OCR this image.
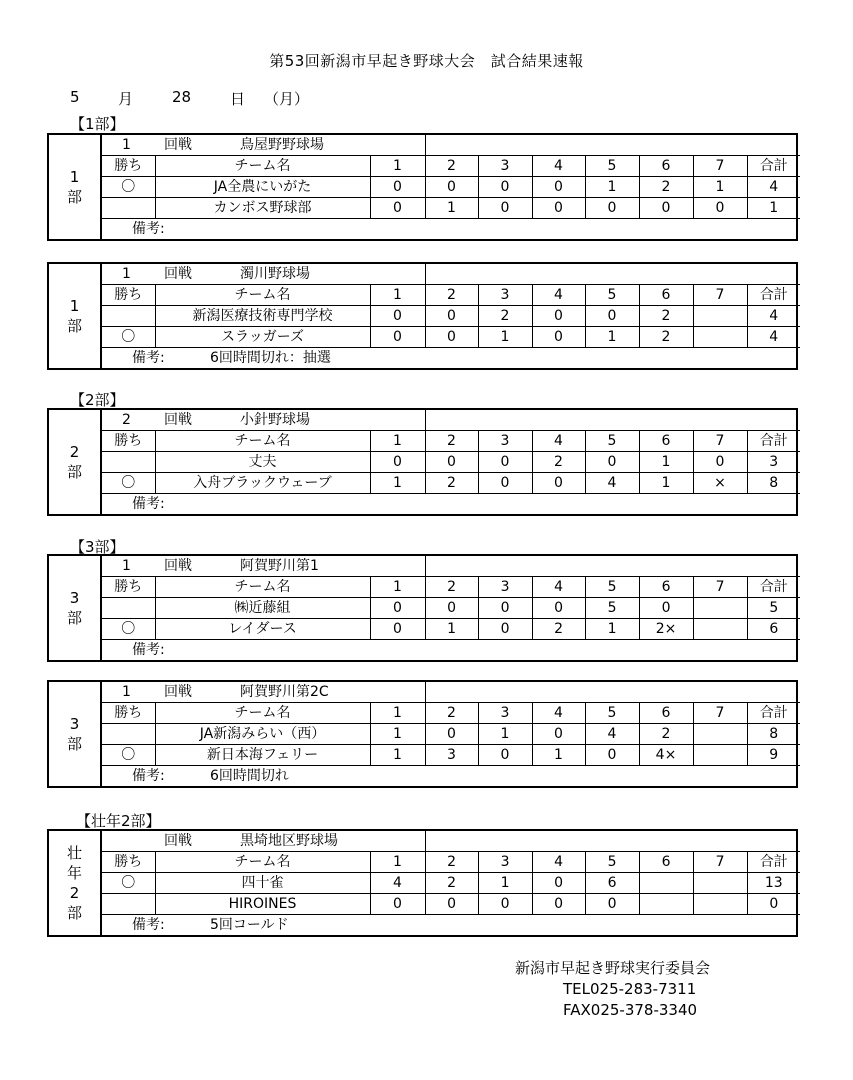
第53回新潟市早起き野球大会　試合結果速報
5	月	28	日 （月）
【1部】
【2部】
【3部】
【壮年2部】
1
部	1 回戦 鳥屋野野球場									
	勝ち	チーム名	1	2	3	4	5	6	7	合計
	〇	JA全農にいがた	0	0	0	0	1	2	1	4
		カンボス野球部	0	1	0	0	0	0	0	1
	備考:									
1
部	1 回戦 濁川野球場									
	勝ち	チーム名	1	2	3	4	5	6	7	合計
		新潟医療技術専門学校	0	0	2	0	0	2		4
	〇	スラッガーズ	0	0	1	0	1	2		4
	備考: 6回時間切れ：抽選									
2
部	2 回戦 小針野球場									
	勝ち	チーム名	1	2	3	4	5	6	7	合計
		丈夫	0	0	0	2	0	1	0	3
	〇	入舟ブラックウェーブ	1	2	0	0	4	1	×	8
	備考:									
3
部	1 回戦 阿賀野川第1									
	勝ち	チーム名	1	2	3	4	5	6	7	合計
		㈱近藤組	0	0	0	0	5	0		5
	〇	レイダース	0	1	0	2	1	2×		6
	備考:									
3
部	1 回戦 阿賀野川第2C									
	勝ち	チーム名	1	2	3	4	5	6	7	合計
		JA新潟みらい（西）	1	0	1	0	4	2		8
	〇	新日本海フェリー	1	3	0	1	0	4×		9
	備考: 6回時間切れ									
壮
年
2
部	回戦 黒埼地区野球場									
	勝ち	チーム名	1	2	3	4	5	6	7	合計
	〇	四十雀	4	2	1	0	6			13
		HIROINES	0	0	0	0	0			0
	備考: 5回コールド									
新潟市早起き野球実行委員会
TEL025-283-7311
FAX025-378-3340
